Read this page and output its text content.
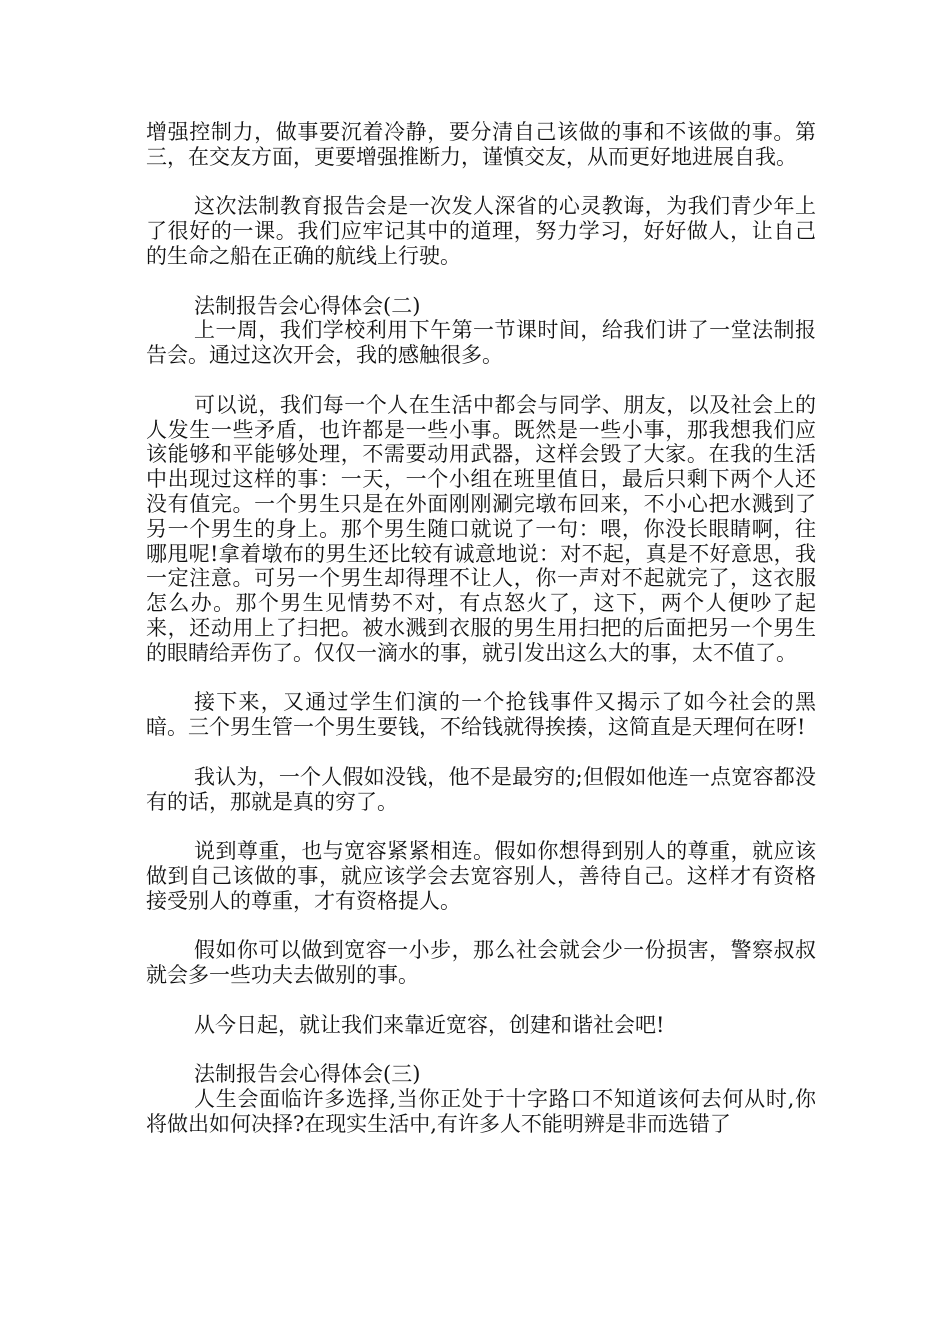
增强控制力，做事要沉着冷静，要分清自己该做的事和不该做的事。第三，在交友方面，更要增强推断力，谨慎交友，从而更好地进展自我。

这次法制教育报告会是一次发人深省的心灵教诲，为我们青少年上了很好的一课。我们应牢记其中的道理，努力学习，好好做人，让自己的生命之船在正确的航线上行驶。

法制报告会心得体会(二)

上一周，我们学校利用下午第一节课时间，给我们讲了一堂法制报告会。通过这次开会，我的感触很多。

可以说，我们每一个人在生活中都会与同学、朋友，以及社会上的人发生一些矛盾，也许都是一些小事。既然是一些小事，那我想我们应该能够和平能够处理，不需要动用武器，这样会毁了大家。在我的生活中出现过这样的事：一天，一个小组在班里值日，最后只剩下两个人还没有值完。一个男生只是在外面刚刚涮完墩布回来，不小心把水溅到了另一个男生的身上。那个男生随口就说了一句：喂，你没长眼睛啊，往哪甩呢!拿着墩布的男生还比较有诚意地说：对不起，真是不好意思，我一定注意。可另一个男生却得理不让人，你一声对不起就完了，这衣服怎么办。那个男生见情势不对，有点怒火了，这下，两个人便吵了起来，还动用上了扫把。被水溅到衣服的男生用扫把的后面把另一个男生的眼睛给弄伤了。仅仅一滴水的事，就引发出这么大的事，太不值了。

接下来，又通过学生们演的一个抢钱事件又揭示了如今社会的黑暗。三个男生管一个男生要钱，不给钱就得挨揍，这简直是天理何在呀!

我认为，一个人假如没钱，他不是最穷的;但假如他连一点宽容都没有的话，那就是真的穷了。

说到尊重，也与宽容紧紧相连。假如你想得到别人的尊重，就应该做到自己该做的事，就应该学会去宽容别人，善待自己。这样才有资格接受别人的尊重，才有资格提人。

假如你可以做到宽容一小步，那么社会就会少一份损害，警察叔叔就会多一些功夫去做别的事。

从今日起，就让我们来靠近宽容，创建和谐社会吧!

法制报告会心得体会(三)

人生会面临许多选择,当你正处于十字路口不知道该何去何从时,你将做出如何决择?在现实生活中,有许多人不能明辨是非而选错了
